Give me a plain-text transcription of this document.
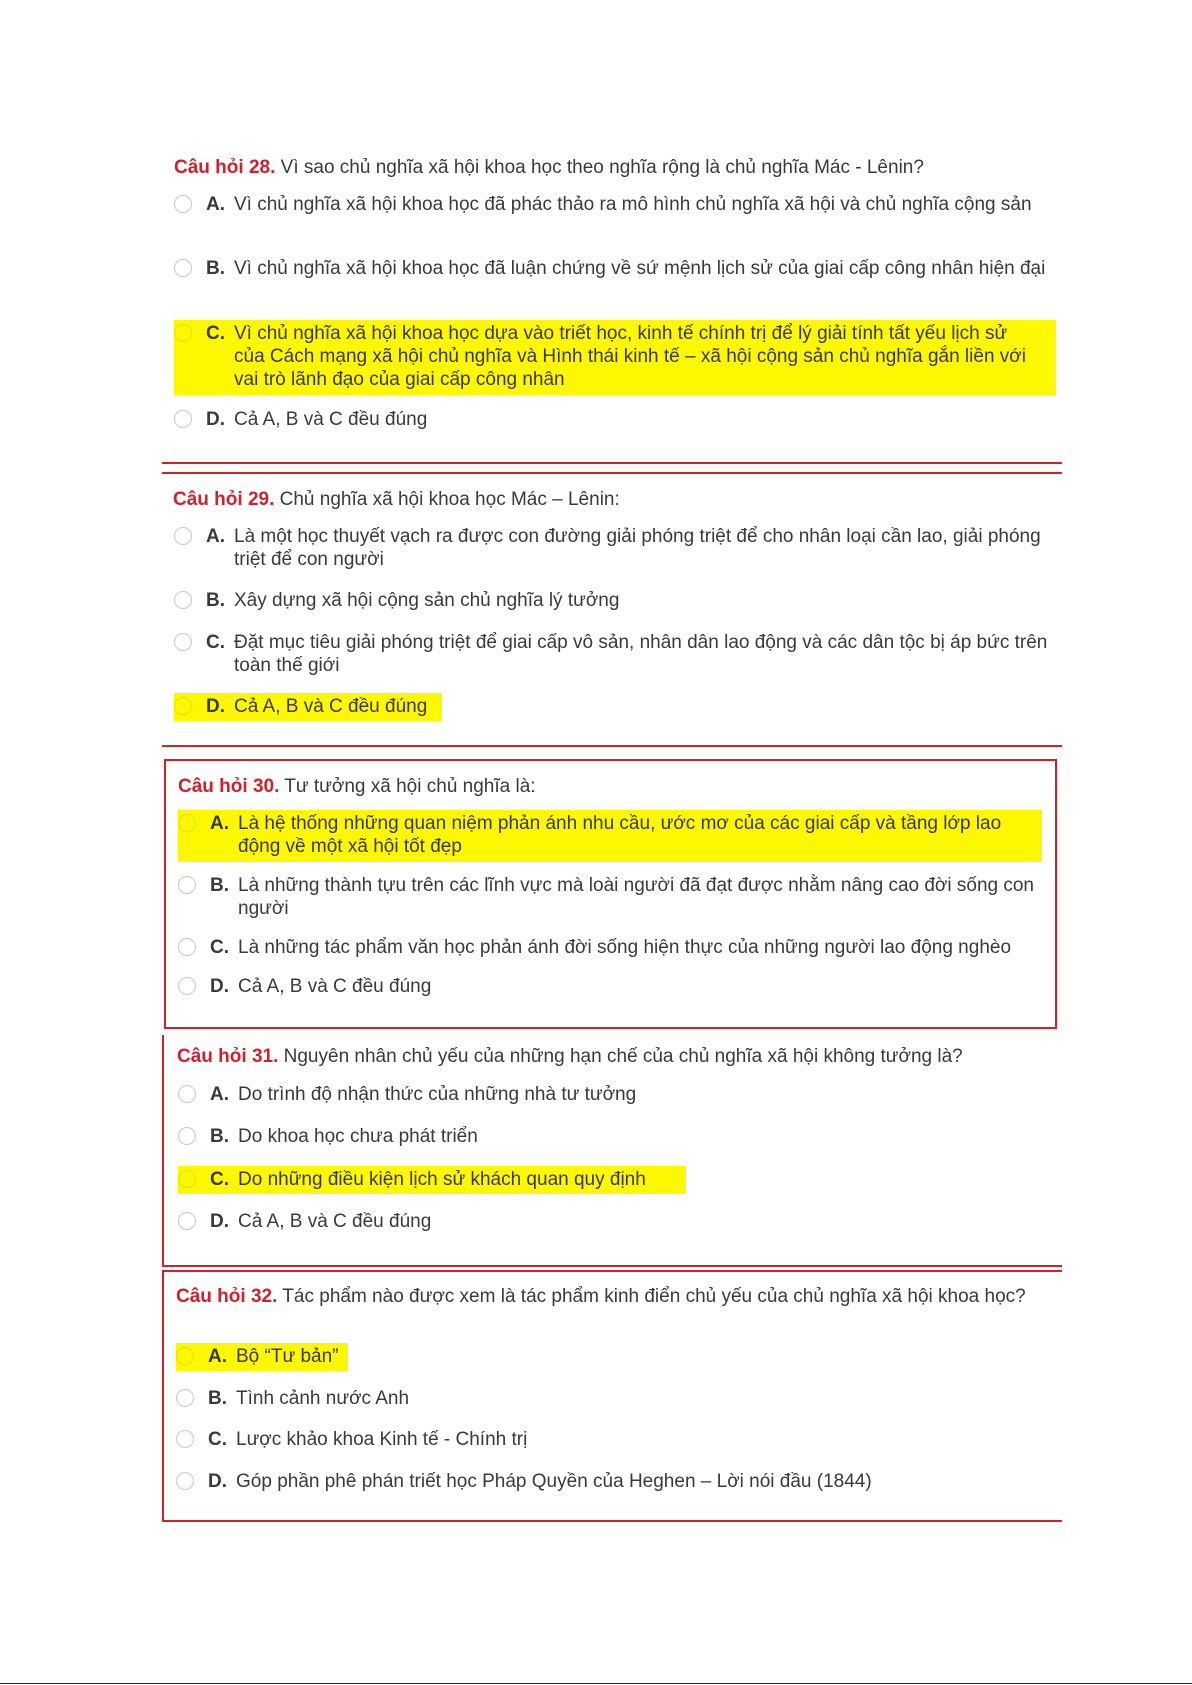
Câu hỏi 28. Vì sao chủ nghĩa xã hội khoa học theo nghĩa rộng là chủ nghĩa Mác - Lênin?

A. Vì chủ nghĩa xã hội khoa học đã phác thảo ra mô hình chủ nghĩa xã hội và chủ nghĩa cộng sản
B. Vì chủ nghĩa xã hội khoa học đã luận chứng về sứ mệnh lịch sử của giai cấp công nhân hiện đại
C. Vì chủ nghĩa xã hội khoa học dựa vào triết học, kinh tế chính trị để lý giải tính tất yếu lịch sử của Cách mạng xã hội chủ nghĩa và Hình thái kinh tế – xã hội cộng sản chủ nghĩa gắn liền với vai trò lãnh đạo của giai cấp công nhân
D. Cả A, B và C đều đúng

Câu hỏi 29. Chủ nghĩa xã hội khoa học Mác – Lênin:

A. Là một học thuyết vạch ra được con đường giải phóng triệt để cho nhân loại cần lao, giải phóng triệt để con người
B. Xây dựng xã hội cộng sản chủ nghĩa lý tưởng
C. Đặt mục tiêu giải phóng triệt để giai cấp vô sản, nhân dân lao động và các dân tộc bị áp bức trên toàn thế giới
D. Cả A, B và C đều đúng

Câu hỏi 30. Tư tưởng xã hội chủ nghĩa là:

A. Là hệ thống những quan niệm phản ánh nhu cầu, ước mơ của các giai cấp và tầng lớp lao động về một xã hội tốt đẹp
B. Là những thành tựu trên các lĩnh vực mà loài người đã đạt được nhằm nâng cao đời sống con người
C. Là những tác phẩm văn học phản ánh đời sống hiện thực của những người lao động nghèo
D. Cả A, B và C đều đúng

Câu hỏi 31. Nguyên nhân chủ yếu của những hạn chế của chủ nghĩa xã hội không tưởng là?

A. Do trình độ nhận thức của những nhà tư tưởng
B. Do khoa học chưa phát triển
C. Do những điều kiện lịch sử khách quan quy định
D. Cả A, B và C đều đúng

Câu hỏi 32. Tác phẩm nào được xem là tác phẩm kinh điển chủ yếu của chủ nghĩa xã hội khoa học?

A. Bộ “Tư bản”
B. Tình cảnh nước Anh
C. Lược khảo khoa Kinh tế - Chính trị
D. Góp phần phê phán triết học Pháp Quyền của Heghen – Lời nói đầu (1844)
